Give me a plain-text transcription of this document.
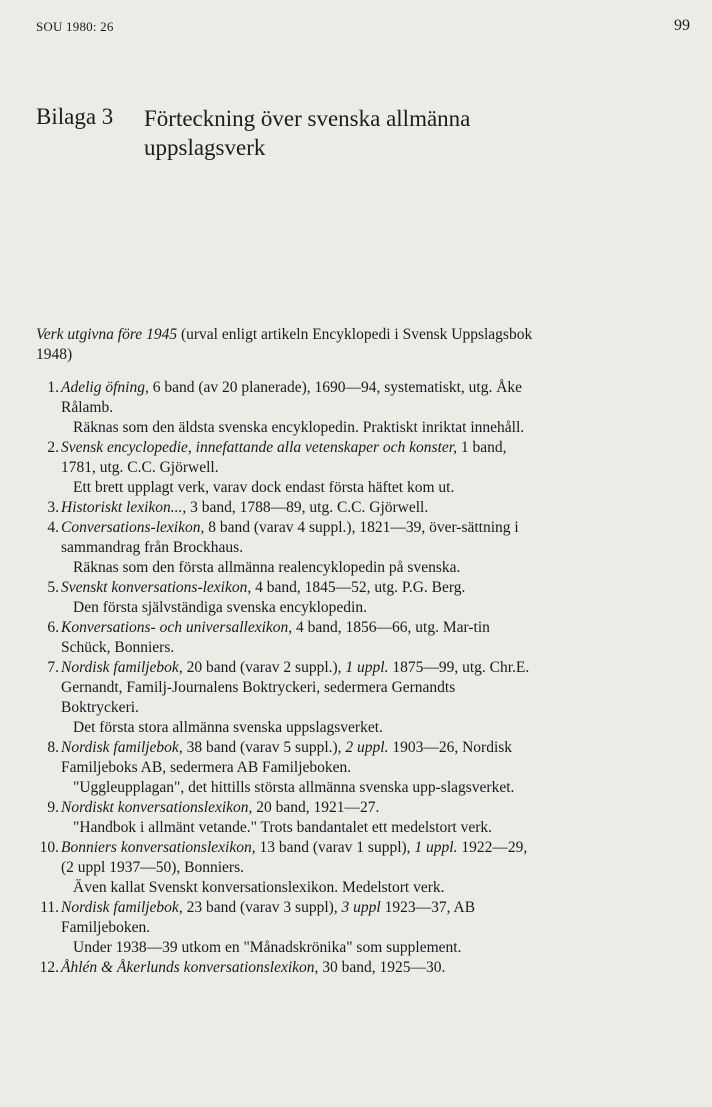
SOU 1980: 26	99
Bilaga 3	Förteckning över svenska allmänna uppslagsverk
Verk utgivna före 1945 (urval enligt artikeln Encyklopedi i Svensk Uppslagsbok 1948)
1. Adelig öfning, 6 band (av 20 planerade), 1690—94, systematiskt, utg. Åke Rålamb.
Räknas som den äldsta svenska encyklopedin. Praktiskt inriktat innehåll.
2. Svensk encyclopedie, innefattande alla vetenskaper och konster, 1 band, 1781, utg. C.C. Gjörwell.
Ett brett upplagt verk, varav dock endast första häftet kom ut.
3. Historiskt lexikon..., 3 band, 1788—89, utg. C.C. Gjörwell.
4. Conversations-lexikon, 8 band (varav 4 suppl.), 1821—39, över-sättning i sammandrag från Brockhaus.
Räknas som den första allmänna realencyklopedin på svenska.
5. Svenskt konversations-lexikon, 4 band, 1845—52, utg. P.G. Berg.
Den första självständiga svenska encyklopedin.
6. Konversations- och universallexikon, 4 band, 1856—66, utg. Mar-tin Schück, Bonniers.
7. Nordisk familjebok, 20 band (varav 2 suppl.), 1 uppl. 1875—99, utg. Chr.E. Gernandt, Familj-Journalens Boktryckeri, sedermera Gernandts Boktryckeri.
Det första stora allmänna svenska uppslagsverket.
8. Nordisk familjebok, 38 band (varav 5 suppl.), 2 uppl. 1903—26, Nordisk Familjeboks AB, sedermera AB Familjeboken.
"Uggleupplagan", det hittills största allmänna svenska upp-slagsverket.
9. Nordiskt konversationslexikon, 20 band, 1921—27.
"Handbok i allmänt vetande." Trots bandantalet ett medelstort verk.
10. Bonniers konversationslexikon, 13 band (varav 1 suppl), 1 uppl. 1922—29, (2 uppl 1937—50), Bonniers.
Även kallat Svenskt konversationslexikon. Medelstort verk.
11. Nordisk familjebok, 23 band (varav 3 suppl), 3 uppl 1923—37, AB Familjeboken.
Under 1938—39 utkom en "Månadskrönika" som supplement.
12. Åhlén & Åkerlunds konversationslexikon, 30 band, 1925—30.
